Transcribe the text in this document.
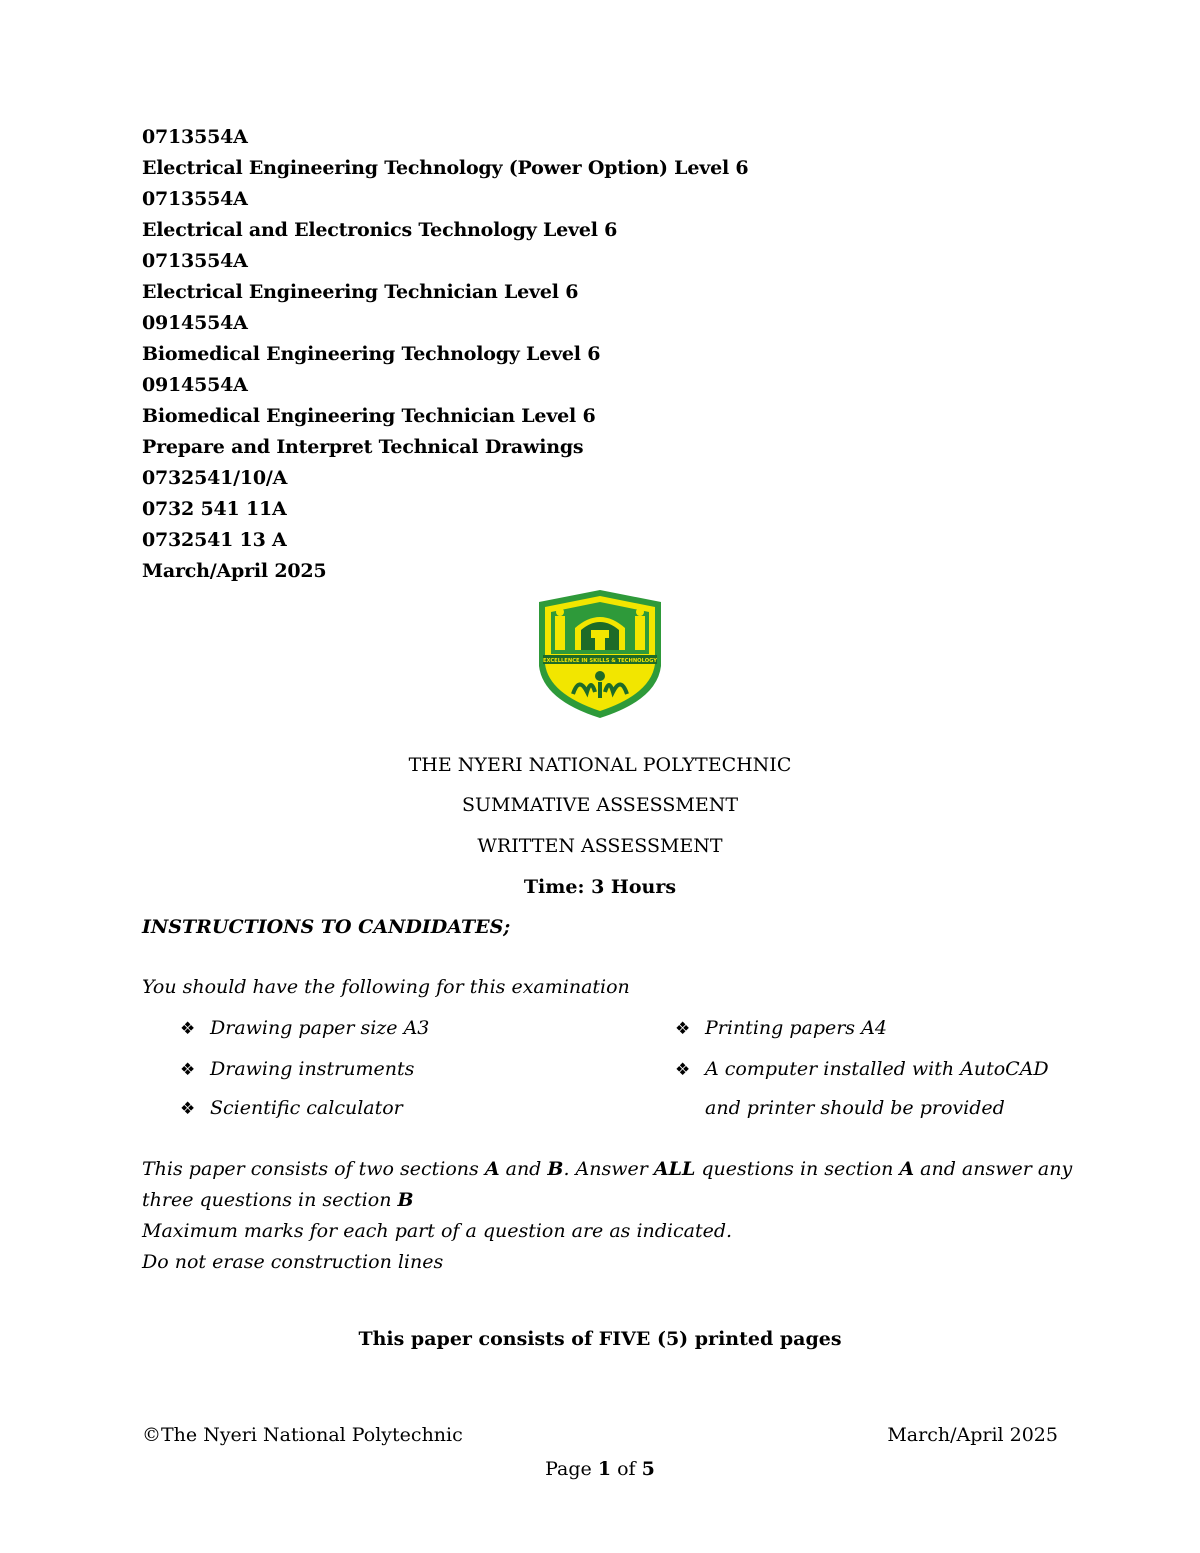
0713554A
Electrical Engineering Technology (Power Option) Level 6
0713554A
Electrical and Electronics Technology Level 6
0713554A
Electrical Engineering Technician Level 6
0914554A
Biomedical Engineering Technology Level 6
0914554A
Biomedical Engineering Technician Level 6
Prepare and Interpret Technical Drawings
0732541/10/A
0732 541 11A
0732541 13 A
March/April 2025
EXCELLENCE IN SKILLS & TECHNOLOGY
THE NYERI NATIONAL POLYTECHNIC
SUMMATIVE ASSESSMENT
WRITTEN ASSESSMENT
Time: 3 Hours
INSTRUCTIONS TO CANDIDATES;
You should have the following for this examination
❖ Drawing paper size A3
❖ Drawing instruments
❖ Scientific calculator
❖ Printing papers A4
❖ A computer installed with AutoCAD
and printer should be provided
This paper consists of two sections A and B. Answer ALL questions in section A and answer any
three questions in section B
Maximum marks for each part of a question are as indicated.
Do not erase construction lines
This paper consists of FIVE (5) printed pages
©The Nyeri National Polytechnic	March/April 2025
Page 1 of 5
